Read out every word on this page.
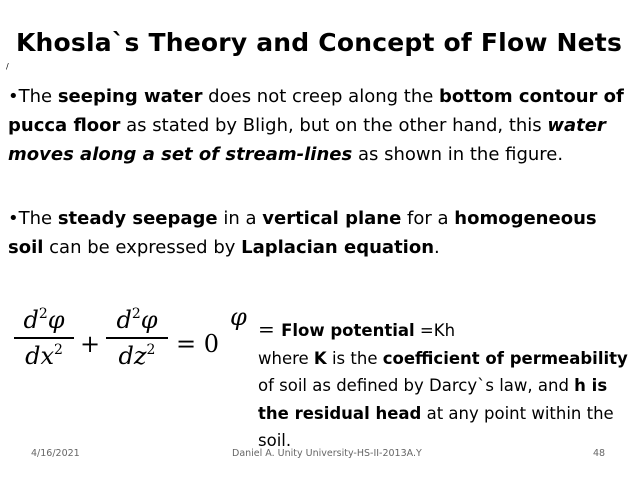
Khosla`s Theory and Concept of Flow Nets
/
•The seeping water does not creep along the bottom contour of pucca floor as stated by Bligh, but on the other hand, this water moves along a set of stream-lines as shown in the figure.
•The steady seepage in a vertical plane for a homogeneous soil can be expressed by Laplacian equation.
$d^2\varphi$
$dx^2$ +
$d^2\varphi$
$dz^2 = 0$
φ = Flow potential =Kh
where K is the coefficient of permeability of soil as defined by Darcy`s law, and h is the residual head at any point within the soil.
4/16/2021	Daniel A. Unity University-HS-II-2013A.Y	48
